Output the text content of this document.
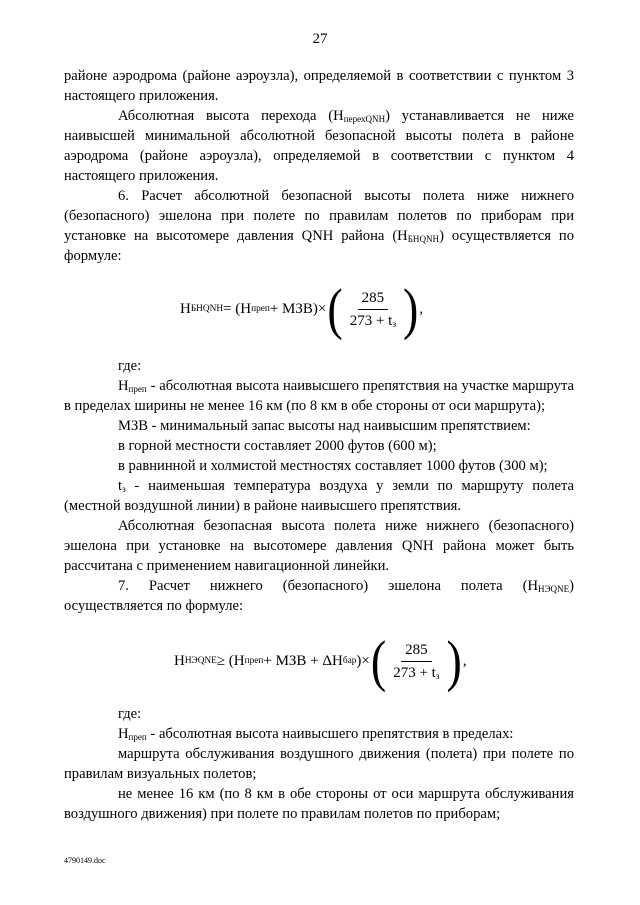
27

районе аэродрома (районе аэроузла), определяемой в соответствии с пунктом 3 настоящего приложения.

Абсолютная высота перехода $(H_{перехQNH})$ устанавливается не ниже наивысшей минимальной абсолютной безопасной высоты полета в районе аэродрома (районе аэроузла), определяемой в соответствии с пунктом 4 настоящего приложения.

6. Расчет абсолютной безопасной высоты полета ниже нижнего (безопасного) эшелона при полете по правилам полетов по приборам при установке на высотомере давления QNH района $(H_{БНQNH})$ осуществляется по формуле:

H БНQNH = (H преп + МЗВ)× ( $\frac{285}{273 + t_з}$ ) ,

где:

$H_{преп}$ - абсолютная высота наивысшего препятствия на участке маршрута в пределах ширины не менее 16 км (по 8 км в обе стороны от оси маршрута);

МЗВ - минимальный запас высоты над наивысшим препятствием:

в горной местности составляет 2000 футов (600 м);

в равнинной и холмистой местностях составляет 1000 футов (300 м);

$t_з$ - наименьшая температура воздуха у земли по маршруту полета (местной воздушной линии) в районе наивысшего препятствия.

Абсолютная безопасная высота полета ниже нижнего (безопасного) эшелона при установке на высотомере давления QNH района может быть рассчитана с применением навигационной линейки.

7. Расчет нижнего (безопасного) эшелона полета $(H_{НЭQNE})$ осуществляется по формуле:

H НЭQNE ≥ (H преп + МЗВ + ΔH бар )× ( $\frac{285}{273 + t_з}$ ) ,

где:

$H_{преп}$ - абсолютная высота наивысшего препятствия в пределах:

маршрута обслуживания воздушного движения (полета) при полете по правилам визуальных полетов;

не менее 16 км (по 8 км в обе стороны от оси маршрута обслуживания воздушного движения) при полете по правилам полетов по приборам;

4790149.doc
